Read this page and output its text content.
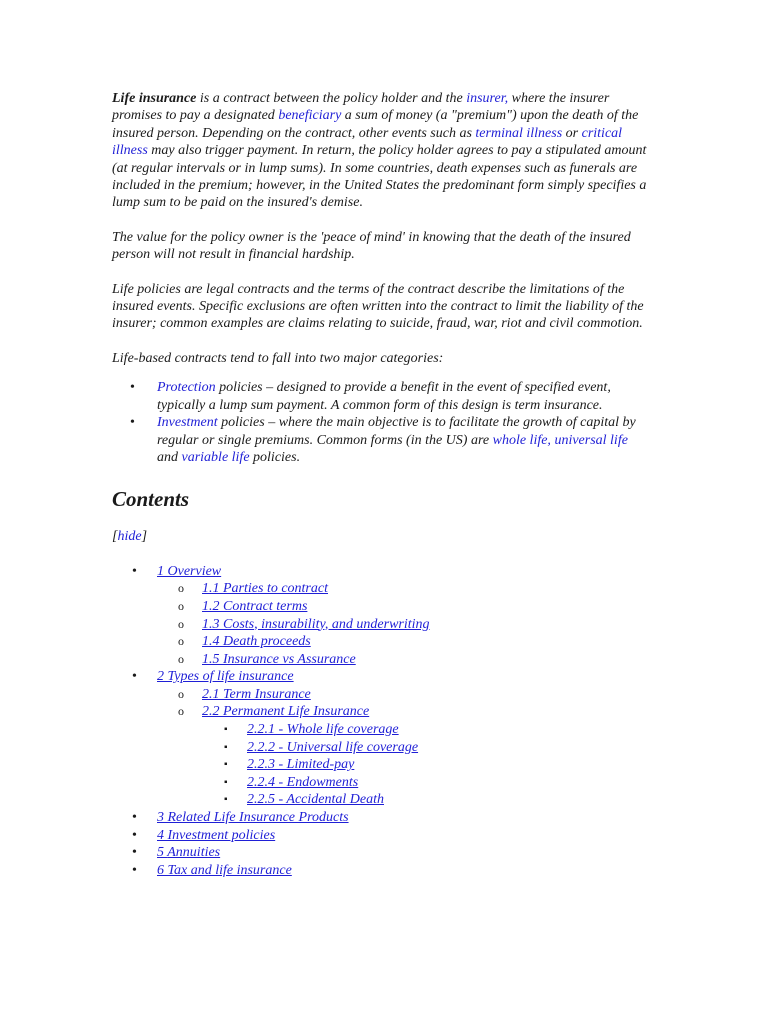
Life insurance is a contract between the policy holder and the insurer, where the insurer promises to pay a designated beneficiary a sum of money (a "premium") upon the death of the insured person. Depending on the contract, other events such as terminal illness or critical illness may also trigger payment. In return, the policy holder agrees to pay a stipulated amount (at regular intervals or in lump sums). In some countries, death expenses such as funerals are included in the premium; however, in the United States the predominant form simply specifies a lump sum to be paid on the insured's demise.

The value for the policy owner is the 'peace of mind' in knowing that the death of the insured person will not result in financial hardship.

Life policies are legal contracts and the terms of the contract describe the limitations of the insured events. Specific exclusions are often written into the contract to limit the liability of the insurer; common examples are claims relating to suicide, fraud, war, riot and civil commotion.

Life-based contracts tend to fall into two major categories:

• Protection policies – designed to provide a benefit in the event of specified event, typically a lump sum payment. A common form of this design is term insurance.
• Investment policies – where the main objective is to facilitate the growth of capital by regular or single premiums. Common forms (in the US) are whole life, universal life and variable life policies.
Contents
[hide]
• 1 Overview
o 1.1 Parties to contract
o 1.2 Contract terms
o 1.3 Costs, insurability, and underwriting
o 1.4 Death proceeds
o 1.5 Insurance vs Assurance
• 2 Types of life insurance
o 2.1 Term Insurance
o 2.2 Permanent Life Insurance
▪ 2.2.1 - Whole life coverage
▪ 2.2.2 - Universal life coverage
▪ 2.2.3 - Limited-pay
▪ 2.2.4 - Endowments
▪ 2.2.5 - Accidental Death
• 3 Related Life Insurance Products
• 4 Investment policies
• 5 Annuities
• 6 Tax and life insurance
